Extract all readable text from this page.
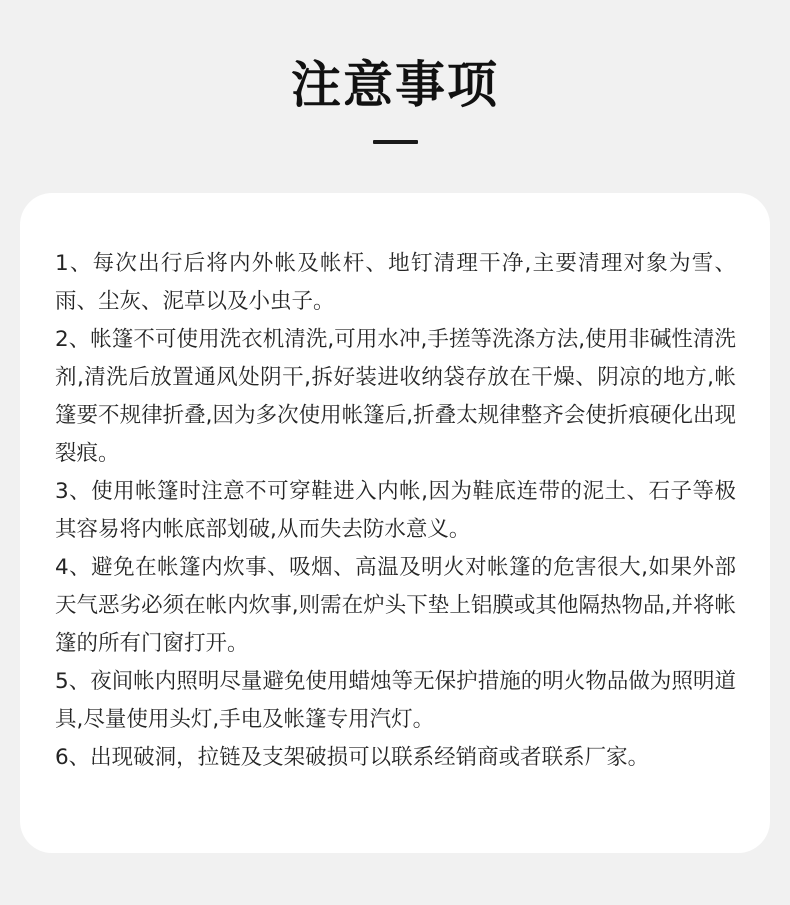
注意事项
1、每次出行后将内外帐及帐杆、地钉清理干净,主要清理对象为雪、雨、尘灰、泥草以及小虫子。
2、帐篷不可使用洗衣机清洗,可用水冲,手搓等洗涤方法,使用非碱性清洗剂,清洗后放置通风处阴干,拆好装进收纳袋存放在干燥、阴凉的地方,帐篷要不规律折叠,因为多次使用帐篷后,折叠太规律整齐会使折痕硬化出现裂痕。
3、使用帐篷时注意不可穿鞋进入内帐,因为鞋底连带的泥土、石子等极其容易将内帐底部划破,从而失去防水意义。
4、避免在帐篷内炊事、吸烟、高温及明火对帐篷的危害很大,如果外部天气恶劣必须在帐内炊事,则需在炉头下垫上铝膜或其他隔热物品,并将帐篷的所有门窗打开。
5、夜间帐内照明尽量避免使用蜡烛等无保护措施的明火物品做为照明道具,尽量使用头灯,手电及帐篷专用汽灯。
6、出现破洞，拉链及支架破损可以联系经销商或者联系厂家。
